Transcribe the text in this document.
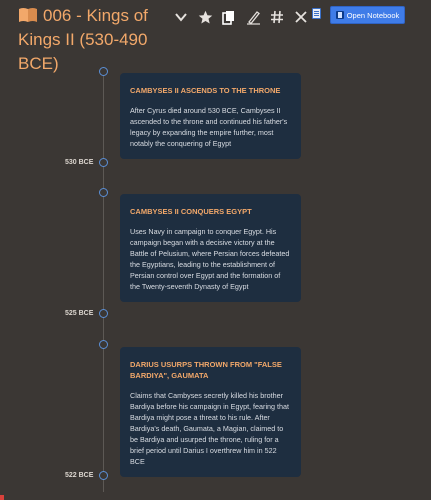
006 - Kings of Kings II (530-490 BCE)
Open Notebook
CAMBYSES II ASCENDS TO THE THRONE
After Cyrus died around 530 BCE, Cambyses II ascended to the throne and continued his father's legacy by expanding the empire further, most notably the conquering of Egypt
530 BCE
CAMBYSES II CONQUERS EGYPT
Uses Navy in campaign to conquer Egypt. His campaign began with a decisive victory at the Battle of Pelusium, where Persian forces defeated the Egyptians, leading to the establishment of Persian control over Egypt and the formation of the Twenty-seventh Dynasty of Egypt
525 BCE
DARIUS USURPS THROWN FROM "FALSE BARDIYA", GAUMATA
Claims that Cambyses secretly killed his brother Bardiya before his campaign in Egypt, fearing that Bardiya might pose a threat to his rule. After Bardiya's death, Gaumata, a Magian, claimed to be Bardiya and usurped the throne, ruling for a brief period until Darius I overthrew him in 522 BCE
522 BCE
